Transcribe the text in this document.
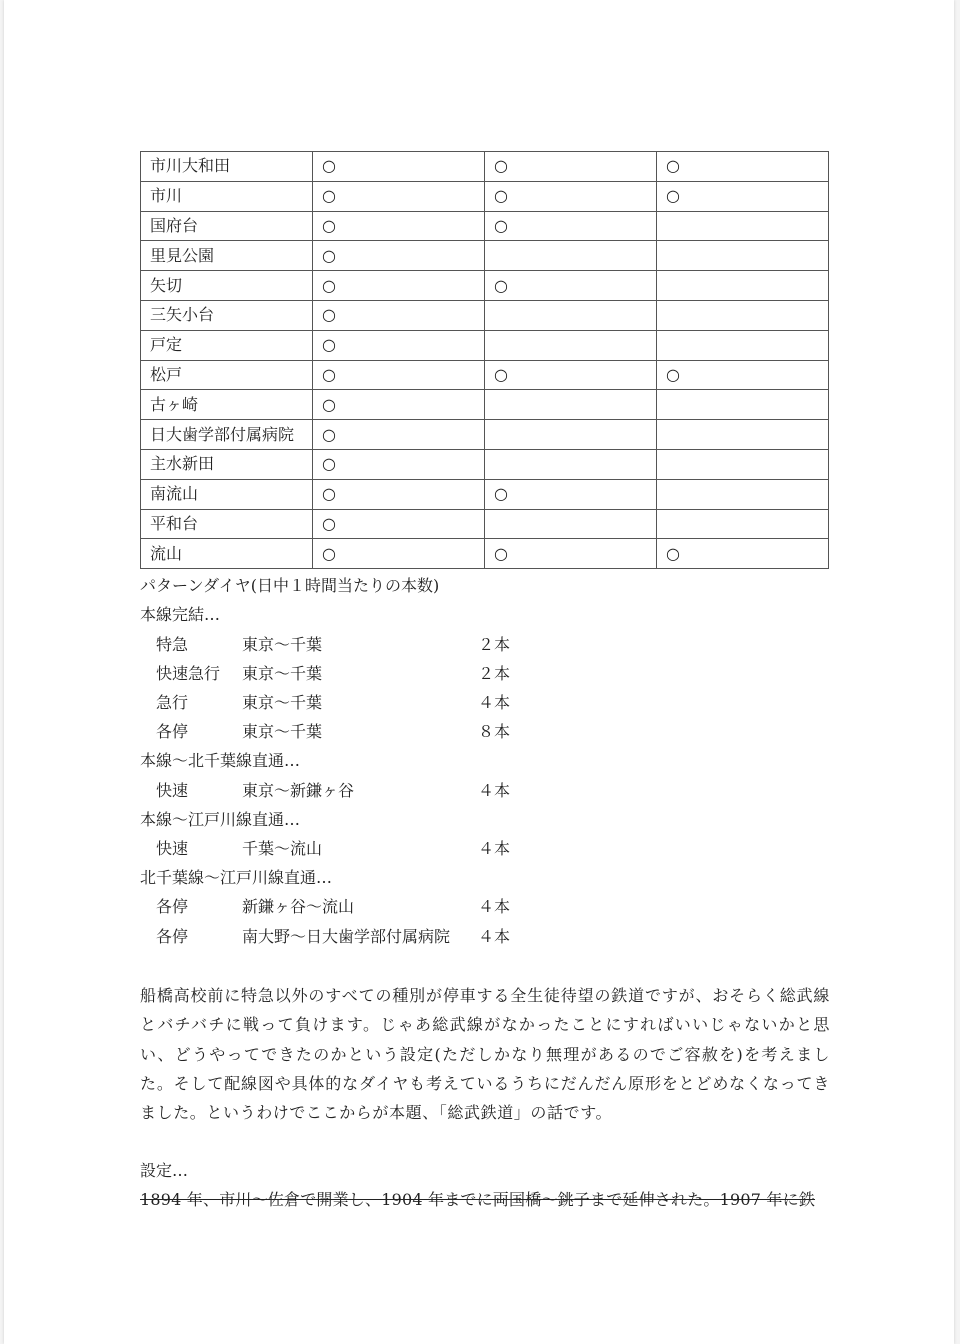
市川大和田	○	○	○
市川	○	○	○
国府台	○	○	
里見公園	○		
矢切	○	○	
三矢小台	○		
戸定	○		
松戸	○	○	○
古ヶ崎	○		
日大歯学部付属病院	○		
主水新田	○		
南流山	○	○	
平和台	○		
流山	○	○	○
パターンダイヤ(日中１時間当たりの本数)
本線完結…
特急	東京～千葉	２本
快速急行	東京～千葉	２本
急行	東京～千葉	４本
各停	東京～千葉	８本
本線～北千葉線直通…
快速	東京～新鎌ヶ谷	４本
本線～江戸川線直通…
快速	千葉～流山	４本
北千葉線～江戸川線直通…
各停	新鎌ヶ谷～流山	４本
各停	南大野～日大歯学部付属病院	４本
船橋高校前に特急以外のすべての種別が停車する全生徒待望の鉄道ですが、おそらく総武線とバチバチに戦って負けます。じゃあ総武線がなかったことにすればいいじゃないかと思い、どうやってできたのかという設定(ただしかなり無理があるのでご容赦を)を考えました。そして配線図や具体的なダイヤも考えているうちにだんだん原形をとどめなくなってきました。というわけでここからが本題、「総武鉄道」の話です。
設定…
1894 年、市川～佐倉で開業し、1904 年までに両国橋～銚子まで延伸された。1907 年に鉄
